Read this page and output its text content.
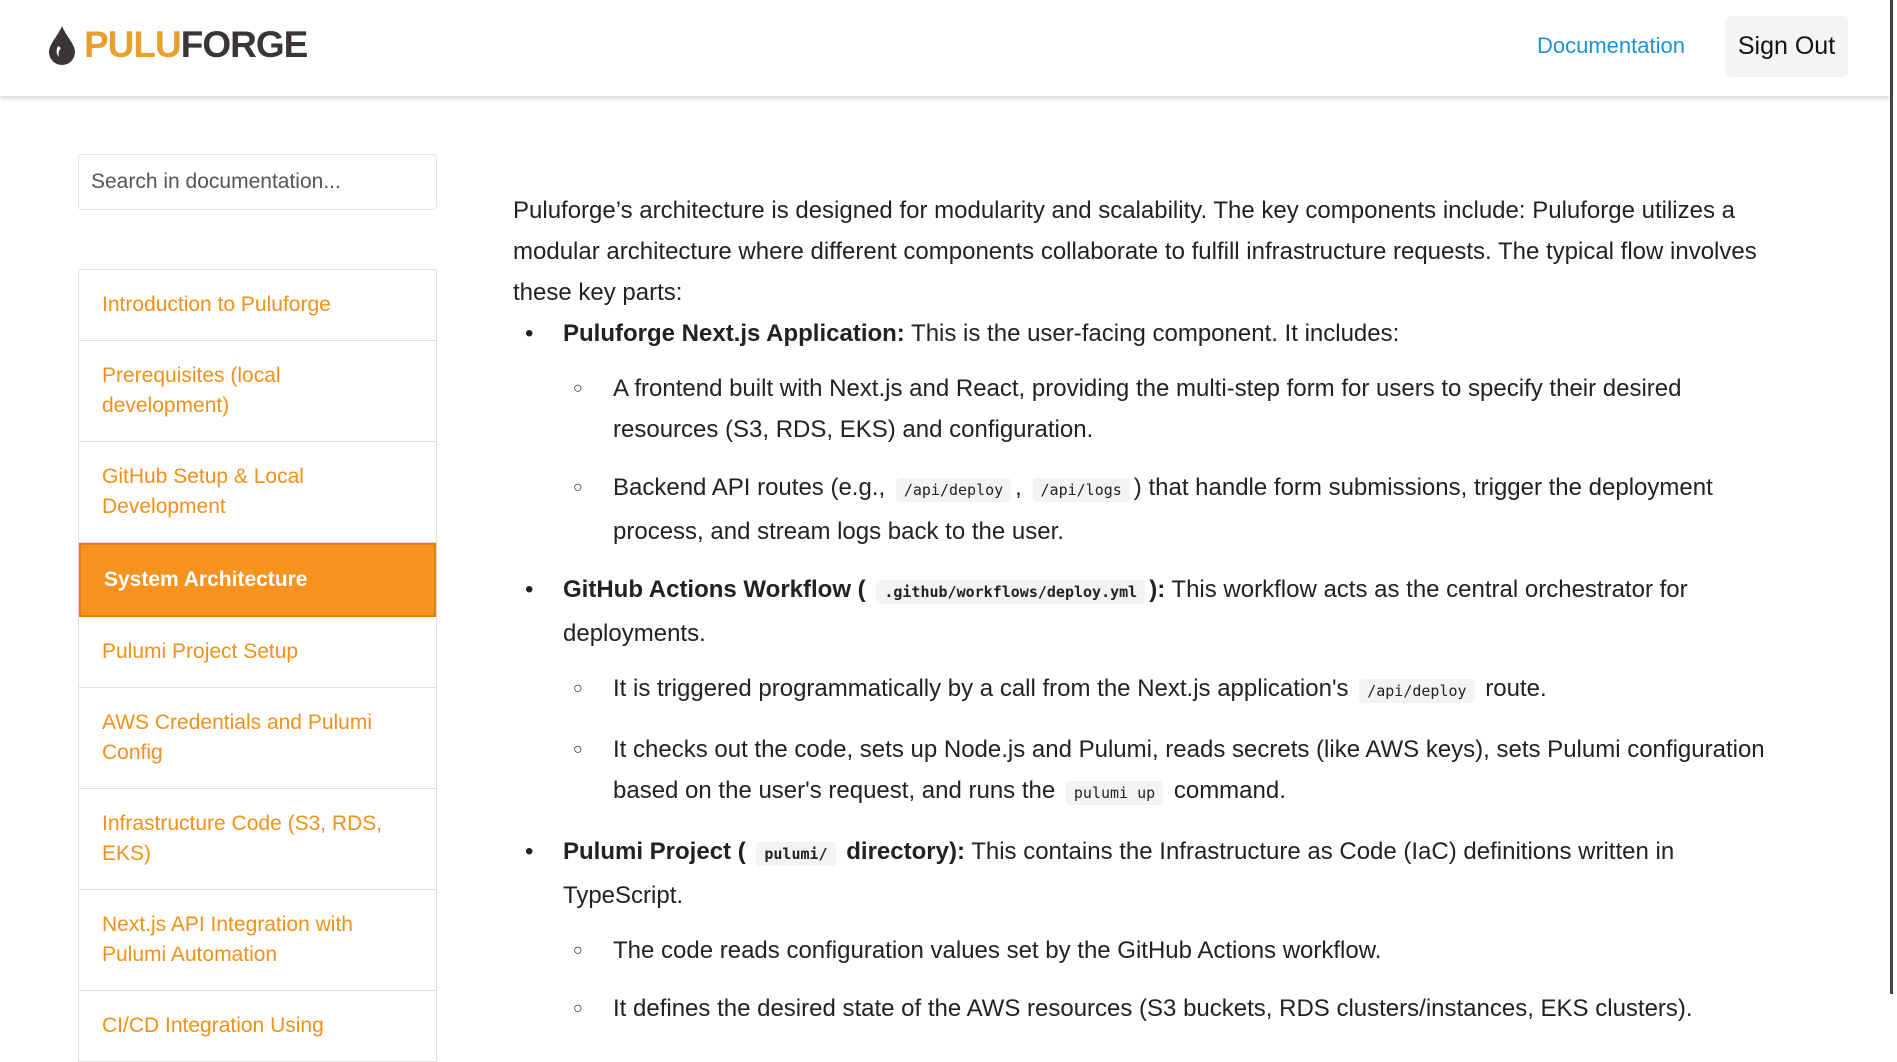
PULUFORGE	Documentation	Sign Out
Search in documentation...
Introduction to Puluforge
Prerequisites (local development)
GitHub Setup & Local Development
System Architecture
Pulumi Project Setup
AWS Credentials and Pulumi Config
Infrastructure Code (S3, RDS, EKS)
Next.js API Integration with Pulumi Automation
CI/CD Integration Using

Puluforge’s architecture is designed for modularity and scalability. The key components include: Puluforge utilizes a modular architecture where different components collaborate to fulfill infrastructure requests. The typical flow involves these key parts:

• Puluforge Next.js Application: This is the user-facing component. It includes:
○ A frontend built with Next.js and React, providing the multi-step form for users to specify their desired resources (S3, RDS, EKS) and configuration.
○ Backend API routes (e.g., /api/deploy , /api/logs ) that handle form submissions, trigger the deployment process, and stream logs back to the user.
• GitHub Actions Workflow ( .github/workflows/deploy.yml ): This workflow acts as the central orchestrator for deployments.
○ It is triggered programmatically by a call from the Next.js application's /api/deploy route.
○ It checks out the code, sets up Node.js and Pulumi, reads secrets (like AWS keys), sets Pulumi configuration based on the user's request, and runs the pulumi up command.
• Pulumi Project ( pulumi/ directory): This contains the Infrastructure as Code (IaC) definitions written in TypeScript.
○ The code reads configuration values set by the GitHub Actions workflow.
○ It defines the desired state of the AWS resources (S3 buckets, RDS clusters/instances, EKS clusters).
